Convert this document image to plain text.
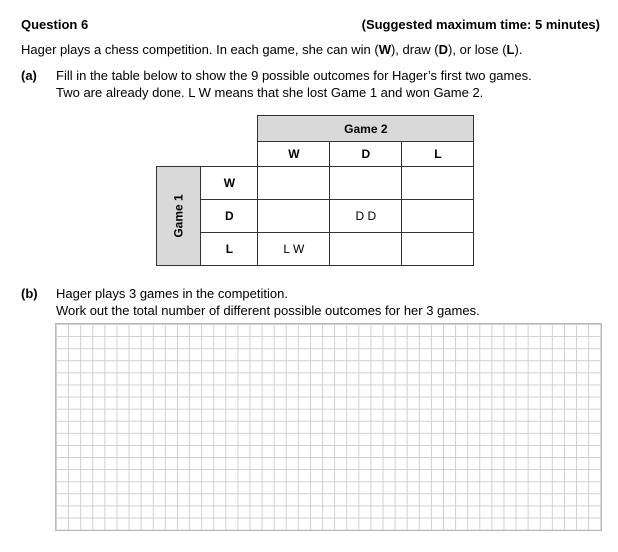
Question 6	(Suggested maximum time: 5 minutes)
Hager plays a chess competition. In each game, she can win (W), draw (D), or lose (L).
(a) Fill in the table below to show the 9 possible outcomes for Hager’s first two games.
Two are already done. L W means that she lost Game 1 and won Game 2.
		Game 2		
		W	D	L
Game 1	W			
	D		D D	
	L	L W		
(b) Hager plays 3 games in the competition.
Work out the total number of different possible outcomes for her 3 games.
